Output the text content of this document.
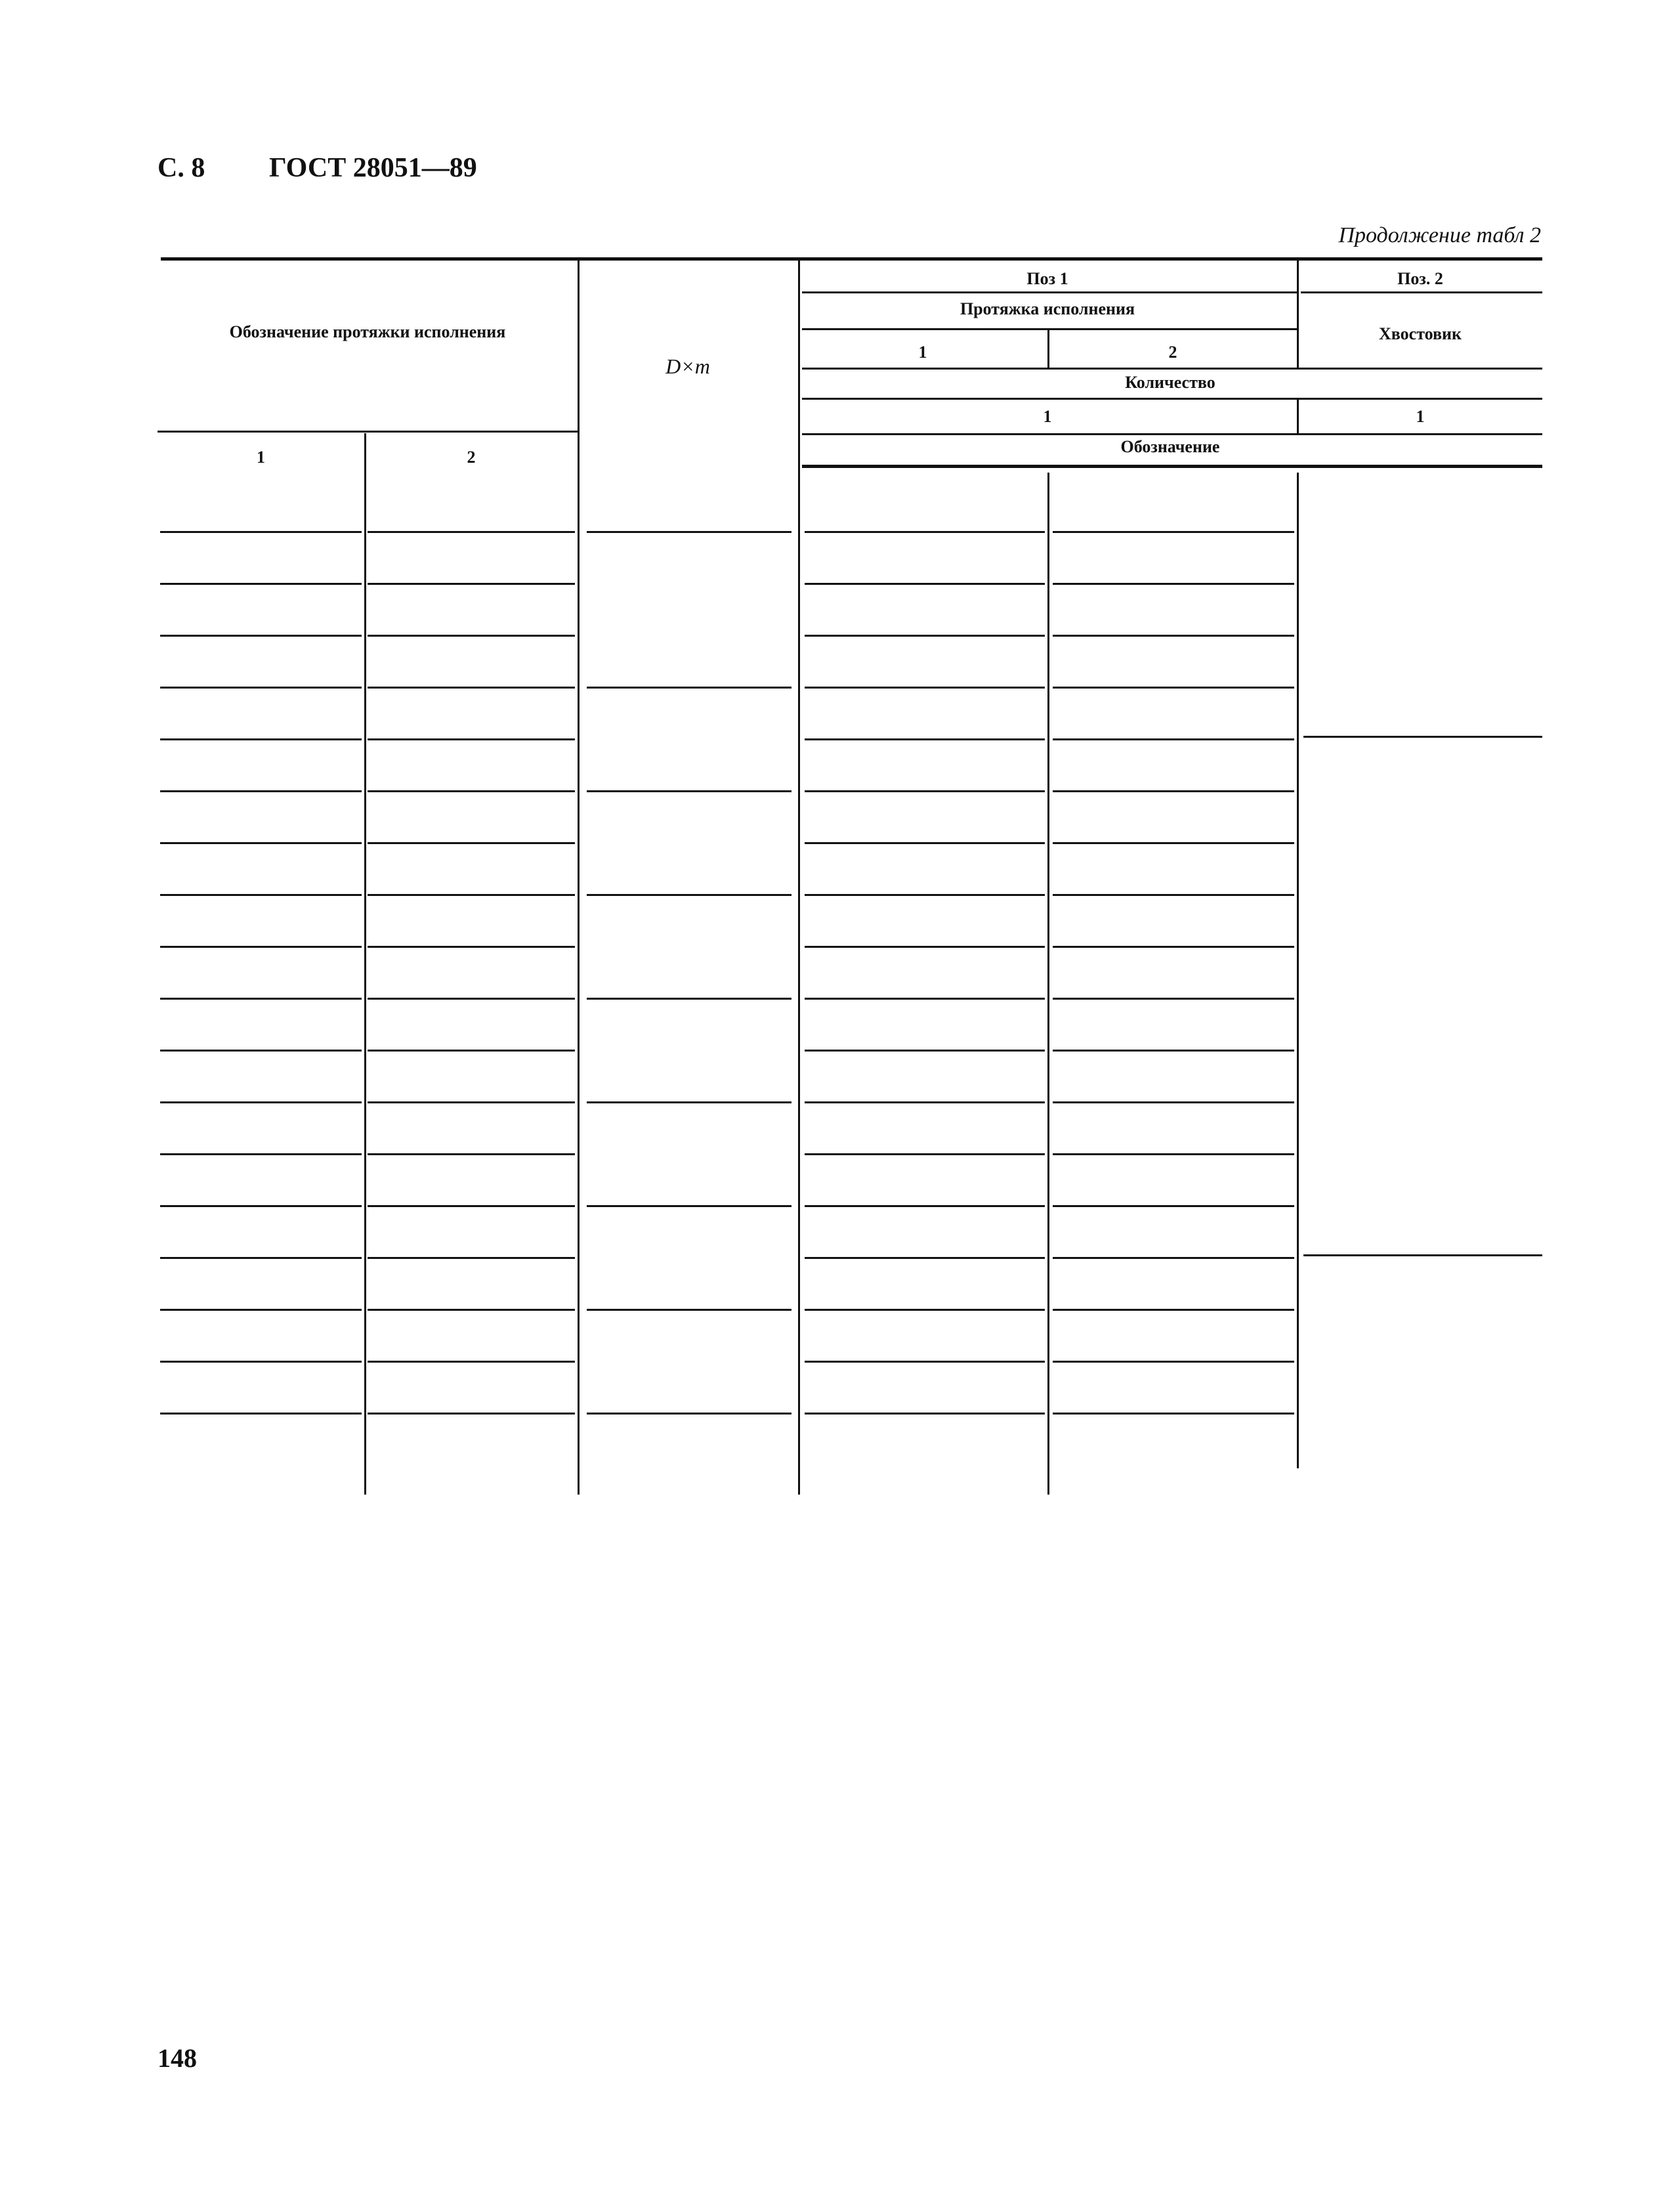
С. 8 ГОСТ 28051—89
Продолжение табл 2
Обозначение протяжки исполнения
1	2
D×m
Поз 1	Поз. 2
Протяжка исполнения
1	2
Хвостовик
Количество
1	1
Обозначение
148
